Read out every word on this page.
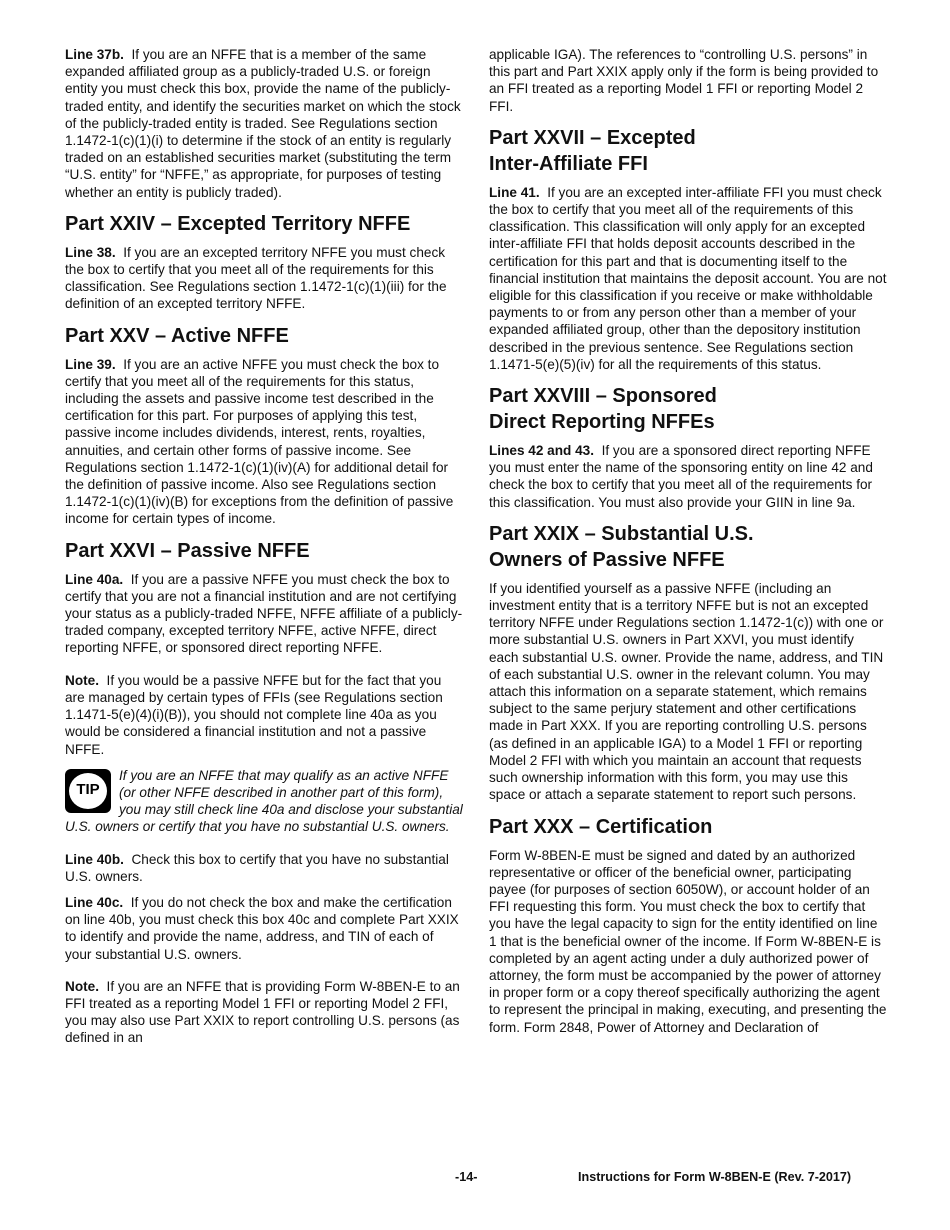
Line 37b. If you are an NFFE that is a member of the same expanded affiliated group as a publicly-traded U.S. or foreign entity you must check this box, provide the name of the publicly-traded entity, and identify the securities market on which the stock of the publicly-traded entity is traded. See Regulations section 1.1472-1(c)(1)(i) to determine if the stock of an entity is regularly traded on an established securities market (substituting the term “U.S. entity” for “NFFE,” as appropriate, for purposes of testing whether an entity is publicly traded).

Part XXIV – Excepted Territory NFFE

Line 38. If you are an excepted territory NFFE you must check the box to certify that you meet all of the requirements for this classification. See Regulations section 1.1472-1(c)(1)(iii) for the definition of an excepted territory NFFE.

Part XXV – Active NFFE

Line 39. If you are an active NFFE you must check the box to certify that you meet all of the requirements for this status, including the assets and passive income test described in the certification for this part. For purposes of applying this test, passive income includes dividends, interest, rents, royalties, annuities, and certain other forms of passive income. See Regulations section 1.1472-1(c)(1)(iv)(A) for additional detail for the definition of passive income. Also see Regulations section 1.1472-1(c)(1)(iv)(B) for exceptions from the definition of passive income for certain types of income.

Part XXVI – Passive NFFE

Line 40a. If you are a passive NFFE you must check the box to certify that you are not a financial institution and are not certifying your status as a publicly-traded NFFE, NFFE affiliate of a publicly-traded company, excepted territory NFFE, active NFFE, direct reporting NFFE, or sponsored direct reporting NFFE.

Note. If you would be a passive NFFE but for the fact that you are managed by certain types of FFIs (see Regulations section 1.1471-5(e)(4)(i)(B)), you should not complete line 40a as you would be considered a financial institution and not a passive NFFE.

TIP
If you are an NFFE that may qualify as an active NFFE (or other NFFE described in another part of this form), you may still check line 40a and disclose your substantial U.S. owners or certify that you have no substantial U.S. owners.

Line 40b. Check this box to certify that you have no substantial U.S. owners.

Line 40c. If you do not check the box and make the certification on line 40b, you must check this box 40c and complete Part XXIX to identify and provide the name, address, and TIN of each of your substantial U.S. owners.

Note. If you are an NFFE that is providing Form W-8BEN-E to an FFI treated as a reporting Model 1 FFI or reporting Model 2 FFI, you may also use Part XXIX to report controlling U.S. persons (as defined in an

applicable IGA). The references to “controlling U.S. persons” in this part and Part XXIX apply only if the form is being provided to an FFI treated as a reporting Model 1 FFI or reporting Model 2 FFI.

Part XXVII – Excepted
Inter-Affiliate FFI

Line 41. If you are an excepted inter-affiliate FFI you must check the box to certify that you meet all of the requirements of this classification. This classification will only apply for an excepted inter-affiliate FFI that holds deposit accounts described in the certification for this part and that is documenting itself to the financial institution that maintains the deposit account. You are not eligible for this classification if you receive or make withholdable payments to or from any person other than a member of your expanded affiliated group, other than the depository institution described in the previous sentence. See Regulations section 1.1471-5(e)(5)(iv) for all the requirements of this status.

Part XXVIII – Sponsored
Direct Reporting NFFEs

Lines 42 and 43. If you are a sponsored direct reporting NFFE you must enter the name of the sponsoring entity on line 42 and check the box to certify that you meet all of the requirements for this classification. You must also provide your GIIN in line 9a.

Part XXIX – Substantial U.S.
Owners of Passive NFFE

If you identified yourself as a passive NFFE (including an investment entity that is a territory NFFE but is not an excepted territory NFFE under Regulations section 1.1472-1(c)) with one or more substantial U.S. owners in Part XXVI, you must identify each substantial U.S. owner. Provide the name, address, and TIN of each substantial U.S. owner in the relevant column. You may attach this information on a separate statement, which remains subject to the same perjury statement and other certifications made in Part XXX. If you are reporting controlling U.S. persons (as defined in an applicable IGA) to a Model 1 FFI or reporting Model 2 FFI with which you maintain an account that requests such ownership information with this form, you may use this space or attach a separate statement to report such persons.

Part XXX – Certification

Form W-8BEN-E must be signed and dated by an authorized representative or officer of the beneficial owner, participating payee (for purposes of section 6050W), or account holder of an FFI requesting this form. You must check the box to certify that you have the legal capacity to sign for the entity identified on line 1 that is the beneficial owner of the income. If Form W-8BEN-E is completed by an agent acting under a duly authorized power of attorney, the form must be accompanied by the power of attorney in proper form or a copy thereof specifically authorizing the agent to represent the principal in making, executing, and presenting the form. Form 2848, Power of Attorney and Declaration of

-14-	Instructions for Form W-8BEN-E (Rev. 7-2017)
